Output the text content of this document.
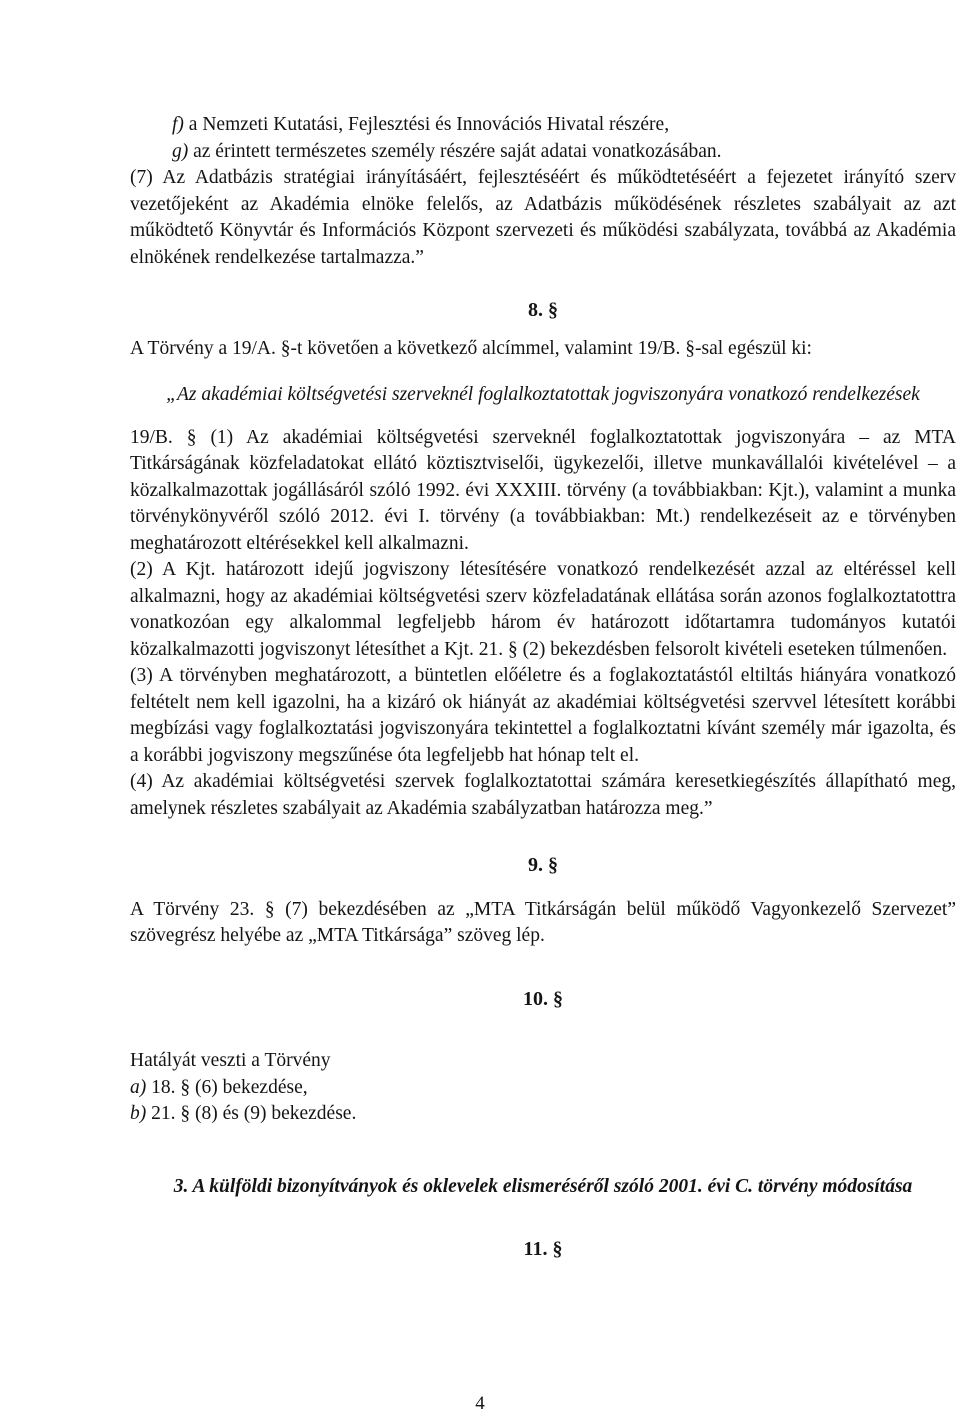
f) a Nemzeti Kutatási, Fejlesztési és Innovációs Hivatal részére,

g) az érintett természetes személy részére saját adatai vonatkozásában.

(7) Az Adatbázis stratégiai irányításáért, fejlesztéséért és működtetéséért a fejezetet irányító szerv vezetőjeként az Akadémia elnöke felelős, az Adatbázis működésének részletes szabályait az azt működtető Könyvtár és Információs Központ szervezeti és működési szabályzata, továbbá az Akadémia elnökének rendelkezése tartalmazza.”

8. §

A Törvény a 19/A. §-t követően a következő alcímmel, valamint 19/B. §-sal egészül ki:

„Az akadémiai költségvetési szerveknél foglalkoztatottak jogviszonyára vonatkozó rendelkezések

19/B. § (1) Az akadémiai költségvetési szerveknél foglalkoztatottak jogviszonyára – az MTA Titkárságának közfeladatokat ellátó köztisztviselői, ügykezelői, illetve munkavállalói kivételével – a közalkalmazottak jogállásáról szóló 1992. évi XXXIII. törvény (a továbbiakban: Kjt.), valamint a munka törvénykönyvéről szóló 2012. évi I. törvény (a továbbiakban: Mt.) rendelkezéseit az e törvényben meghatározott eltérésekkel kell alkalmazni.

(2) A Kjt. határozott idejű jogviszony létesítésére vonatkozó rendelkezését azzal az eltéréssel kell alkalmazni, hogy az akadémiai költségvetési szerv közfeladatának ellátása során azonos foglalkoztatottra vonatkozóan egy alkalommal legfeljebb három év határozott időtartamra tudományos kutatói közalkalmazotti jogviszonyt létesíthet a Kjt. 21. § (2) bekezdésben felsorolt kivételi eseteken túlmenően.

(3) A törvényben meghatározott, a büntetlen előéletre és a foglakoztatástól eltiltás hiányára vonatkozó feltételt nem kell igazolni, ha a kizáró ok hiányát az akadémiai költségvetési szervvel létesített korábbi megbízási vagy foglalkoztatási jogviszonyára tekintettel a foglalkoztatni kívánt személy már igazolta, és a korábbi jogviszony megszűnése óta legfeljebb hat hónap telt el.

(4) Az akadémiai költségvetési szervek foglalkoztatottai számára keresetkiegészítés állapítható meg, amelynek részletes szabályait az Akadémia szabályzatban határozza meg.”

9. §

A Törvény 23. § (7) bekezdésében az „MTA Titkárságán belül működő Vagyonkezelő Szervezet” szövegrész helyébe az „MTA Titkársága” szöveg lép.

10. §

Hatályát veszti a Törvény

a) 18. § (6) bekezdése,

b) 21. § (8) és (9) bekezdése.

3. A külföldi bizonyítványok és oklevelek elismeréséről szóló 2001. évi C. törvény módosítása

11. §

4
